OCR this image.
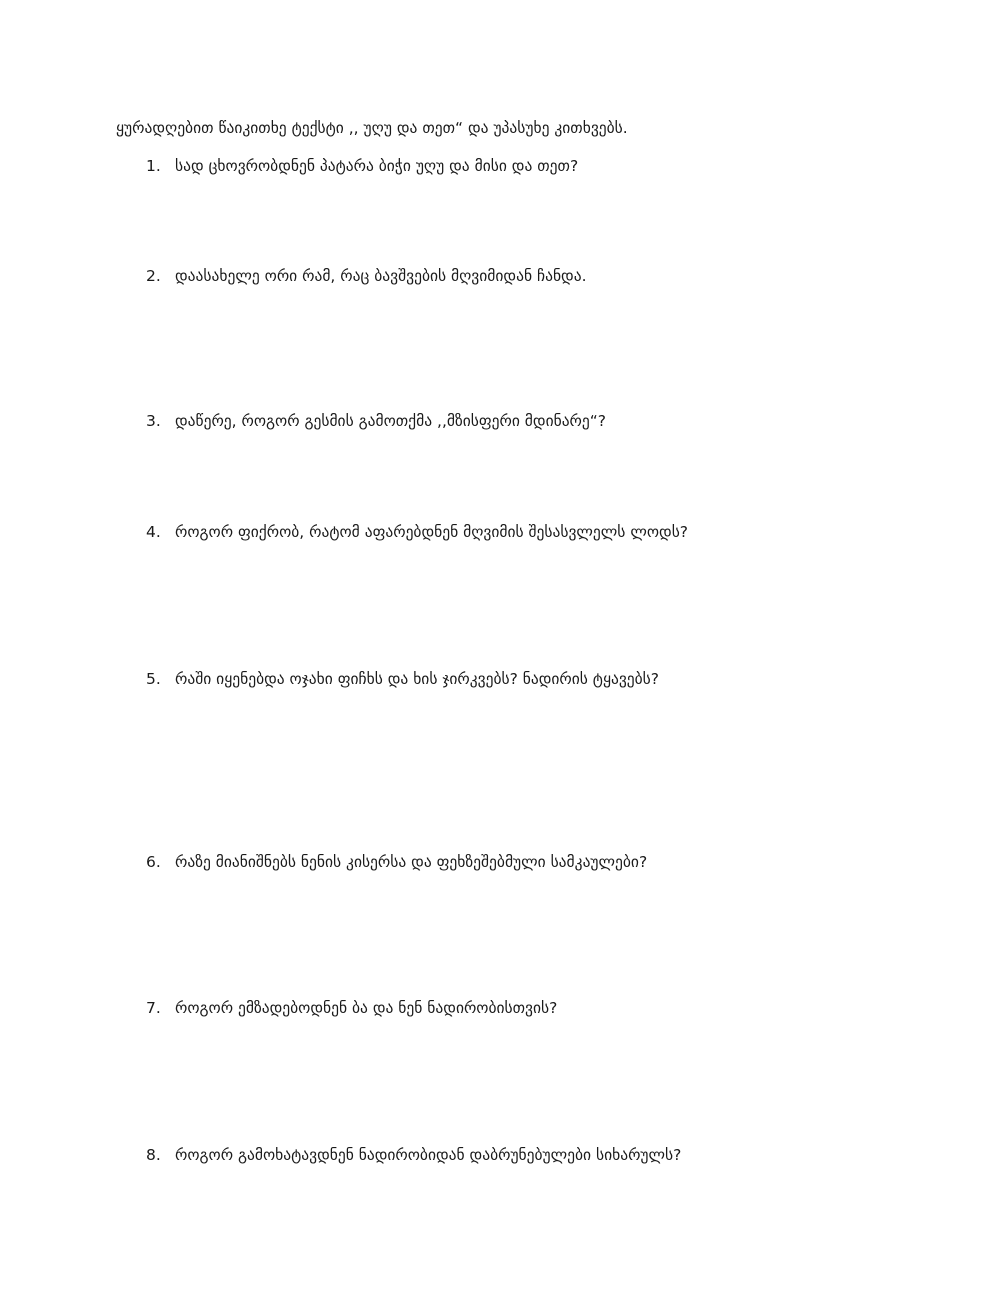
ყურადღებით წაიკითხე ტექსტი ,, უღუ და თეთ“ და უპასუხე კითხვებს.
1. სად ცხოვრობდნენ პატარა ბიჭი უღუ და მისი და თეთ?
2. დაასახელე ორი რამ, რაც ბავშვების მღვიმიდან ჩანდა.
3. დაწერე, როგორ გესმის გამოთქმა ,,მზისფერი მდინარე“?
4. როგორ ფიქრობ, რატომ აფარებდნენ მღვიმის შესასვლელს ლოდს?
5. რაში იყენებდა ოჯახი ფიჩხს და ხის ჯირკვებს? ნადირის ტყავებს?
6. რაზე მიანიშნებს ნენის კისერსა და ფეხზეშებმული სამკაულები?
7. როგორ ემზადებოდნენ ბა და ნენ ნადირობისთვის?
8. როგორ გამოხატავდნენ ნადირობიდან დაბრუნებულები სიხარულს?
